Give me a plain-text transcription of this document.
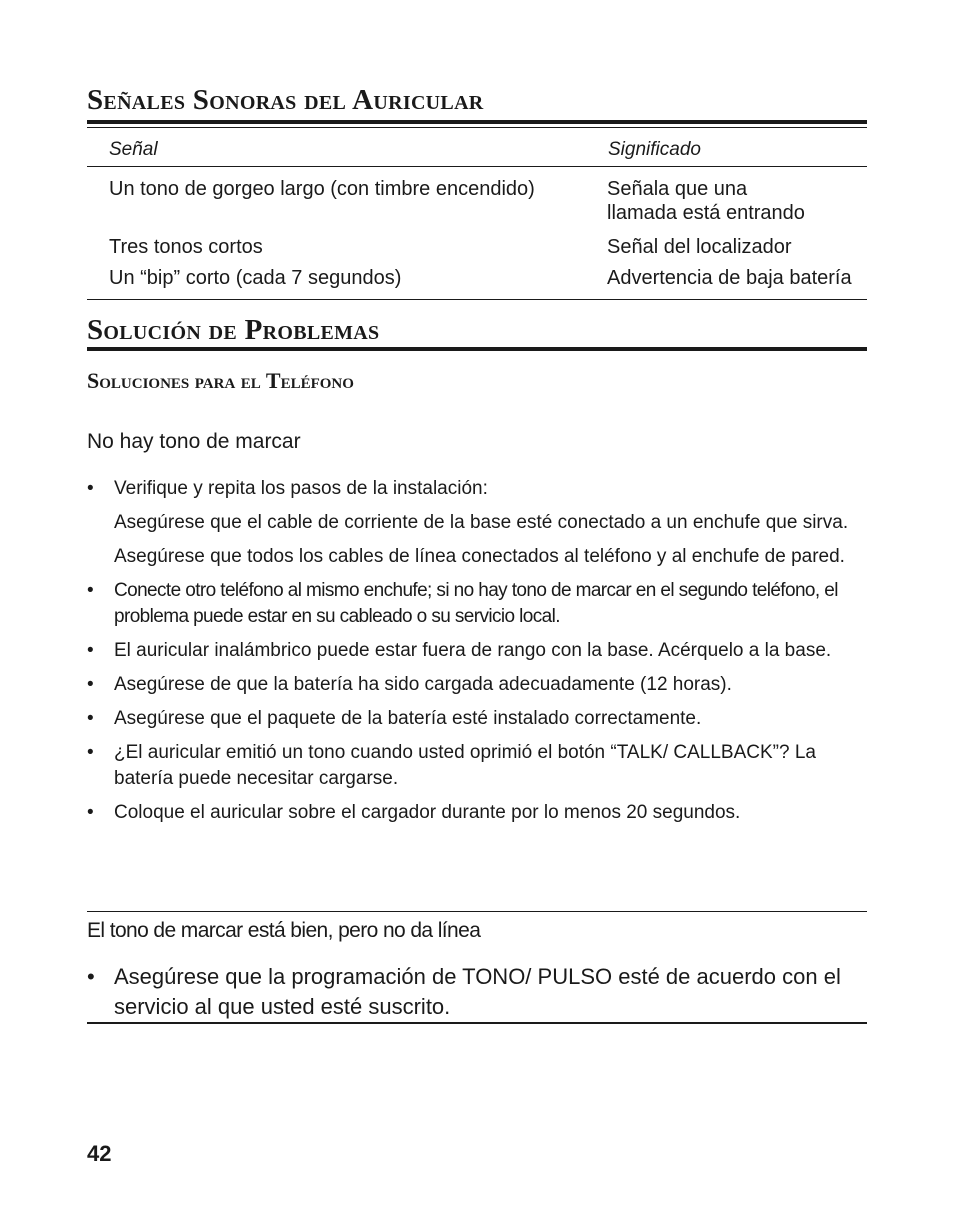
Señales Sonoras del Auricular
Señal	Significado
Un tono de gorgeo largo (con timbre encendido)	Señala que una
llamada está entrando
Tres tonos cortos	Señal del localizador
Un “bip” corto (cada 7 segundos)	Advertencia de baja batería
Solución de Problemas
Soluciones para el Teléfono
No hay tono de marcar
• Verifique y repita los pasos de la instalación:
Asegúrese que el cable de corriente de la base esté conectado a un enchufe que sirva.
Asegúrese que todos los cables de línea conectados al teléfono y al enchufe de pared.
• Conecte otro teléfono al mismo enchufe; si no hay tono de marcar en el segundo teléfono, el problema puede estar en su cableado o su servicio local.
• El auricular inalámbrico puede estar fuera de rango con la base. Acérquelo a la base.
• Asegúrese de que la batería ha sido cargada adecuadamente (12 horas).
• Asegúrese que el paquete de la batería esté instalado correctamente.
• ¿El auricular emitió un tono cuando usted oprimió el botón “TALK/ CALLBACK”? La batería puede necesitar cargarse.
• Coloque el auricular sobre el cargador durante por lo menos 20 segundos.
El tono de marcar está bien, pero no da línea
• Asegúrese que la programación de TONO/ PULSO esté de acuerdo con el servicio al que usted esté suscrito.
42
